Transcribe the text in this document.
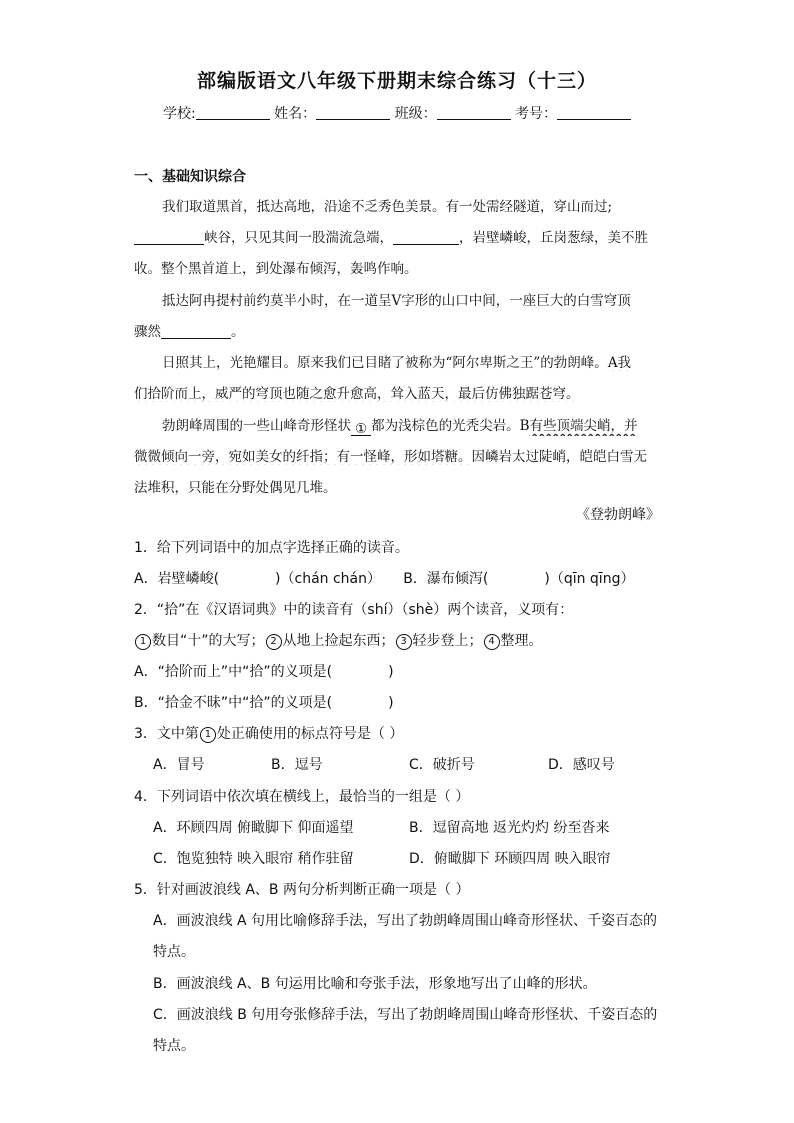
部编版语文八年级下册期末综合练习（十三）
学校:	姓名：	班级：	考号：
一、基础知识综合
我们取道黑首，抵达高地，沿途不乏秀色美景。有一处需经隧道，穿山而过;
峡谷，只见其间一股湍流急端，	，岩壁嶙峻，丘岗葱绿，美不胜
收。整个黑首道上，到处瀑布倾泻，轰鸣作响。
抵达阿冉提村前约莫半小时，在一道呈Ⅴ字形的山口中间，一座巨大的白雪穹顶
骤然	。
日照其上，光艳耀目。原来我们已目睹了被称为“阿尔卑斯之王”的勃朗峰。A我
们拾阶而上，威严的穹顶也随之愈升愈高，耸入蓝天，最后仿佛独踞苍穹。
勃朗峰周围的一些山峰奇形怪状 ① 都为浅棕色的光秃尖岩。B有些顶端尖峭，并
微微倾向一旁，宛如美女的纤指；有一怪峰，形如塔糖。因嶙岩太过陡峭，皑皑白雪无
法堆积，只能在分野处偶见几堆。
《登勃朗峰》
1．给下列词语中的加点字选择正确的读音。
A．岩壁嶙峻(	)（chán chán） B．瀑布倾泻(	)（qīn qīng）
2．“拾”在《汉语词典》中的读音有（shí）（shè）两个读音，义项有：
1 数目“十”的大写； 2 从地上捡起东西； 3 轻步登上； 4 整理。
A．“拾阶而上”中“拾”的义项是(	)
B．“拾金不昧”中“拾”的义项是(	)
3．文中第 1 处正确使用的标点符号是（ ）
A．冒号	B．逗号	C．破折号	D．感叹号
4．下列词语中依次填在横线上，最恰当的一组是（ ）
A．环顾四周 俯瞰脚下 仰面遥望	B．逗留高地 返光灼灼 纷至沓来
C．饱览独特 映入眼帘 稍作驻留	D．俯瞰脚下 环顾四周 映入眼帘
5．针对画波浪线 A、B 两句分析判断正确一项是（ ）
A．画波浪线 A 句用比喻修辞手法，写出了勃朗峰周围山峰奇形怪状、千姿百态的
特点。
B．画波浪线 A、B 句运用比喻和夸张手法，形象地写出了山峰的形状。
C．画波浪线 B 句用夸张修辞手法，写出了勃朗峰周围山峰奇形怪状、千姿百态的
特点。
